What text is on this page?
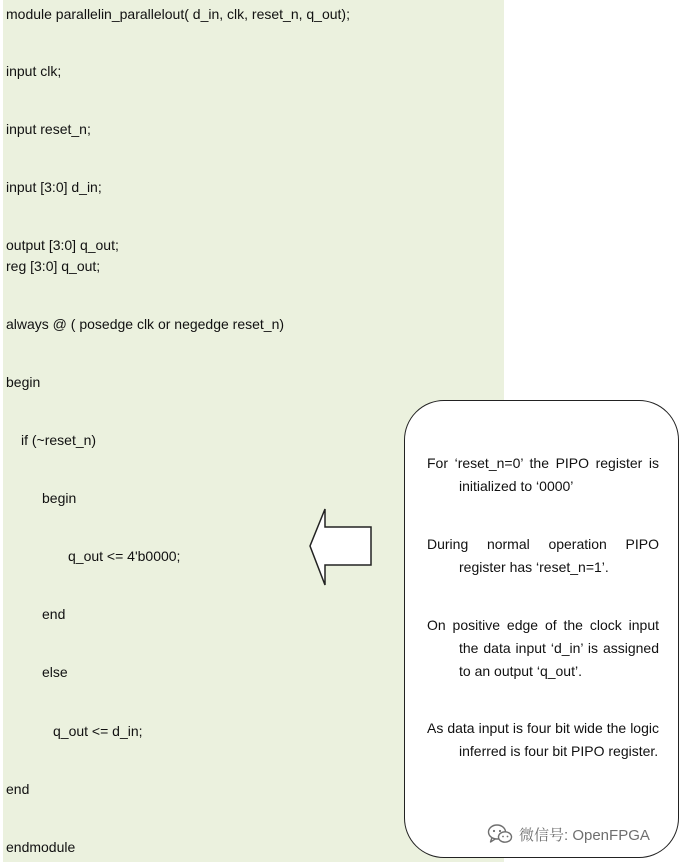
module parallelin_parallelout( d_in, clk, reset_n, q_out);
input clk;
input reset_n;
input [3:0] d_in;
output [3:0] q_out;
reg [3:0] q_out;
always @ ( posedge clk or negedge reset_n)
begin
if (~reset_n)
begin
q_out <= 4'b0000;
end
else
q_out <= d_in;
end
endmodule
For ‘reset_n=0’ the PIPO register is initialized to ‘0000’
During normal operation PIPO register has ‘reset_n=1’.
On positive edge of the clock input the data input ‘d_in’ is assigned to an output ‘q_out’.
As data input is four bit wide the logic inferred is four bit PIPO register.
微信号: OpenFPGA
